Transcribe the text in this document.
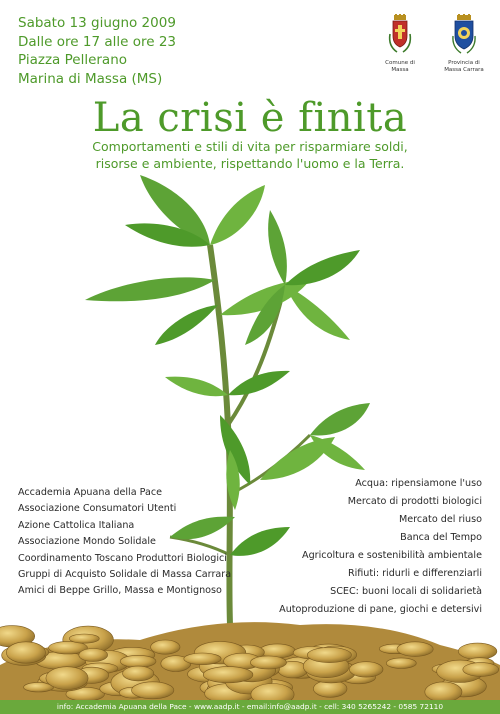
Sabato 13 giugno 2009
Dalle ore 17 alle ore 23
Piazza Pellerano
Marina di Massa (MS)
Comune di
Massa
Provincia di
Massa Carrara
La crisi è finita
Comportamenti e stili di vita per risparmiare soldi,
risorse e ambiente, rispettando l'uomo e la Terra.
Accademia Apuana della Pace
Associazione Consumatori Utenti
Azione Cattolica Italiana
Associazione Mondo Solidale
Coordinamento Toscano Produttori Biologici
Gruppi di Acquisto Solidale di Massa Carrara
Amici di Beppe Grillo, Massa e Montignoso
Acqua: ripensiamone l'uso
Mercato di prodotti biologici
Mercato del riuso
Banca del Tempo
Agricoltura e sostenibilità ambientale
Rifiuti: ridurli e differenziarli
SCEC: buoni locali di solidarietà
Autoproduzione di pane, giochi e detersivi
info: Accademia Apuana della Pace - www.aadp.it - email:info@aadp.it - cell: 340 5265242 - 0585 72110
